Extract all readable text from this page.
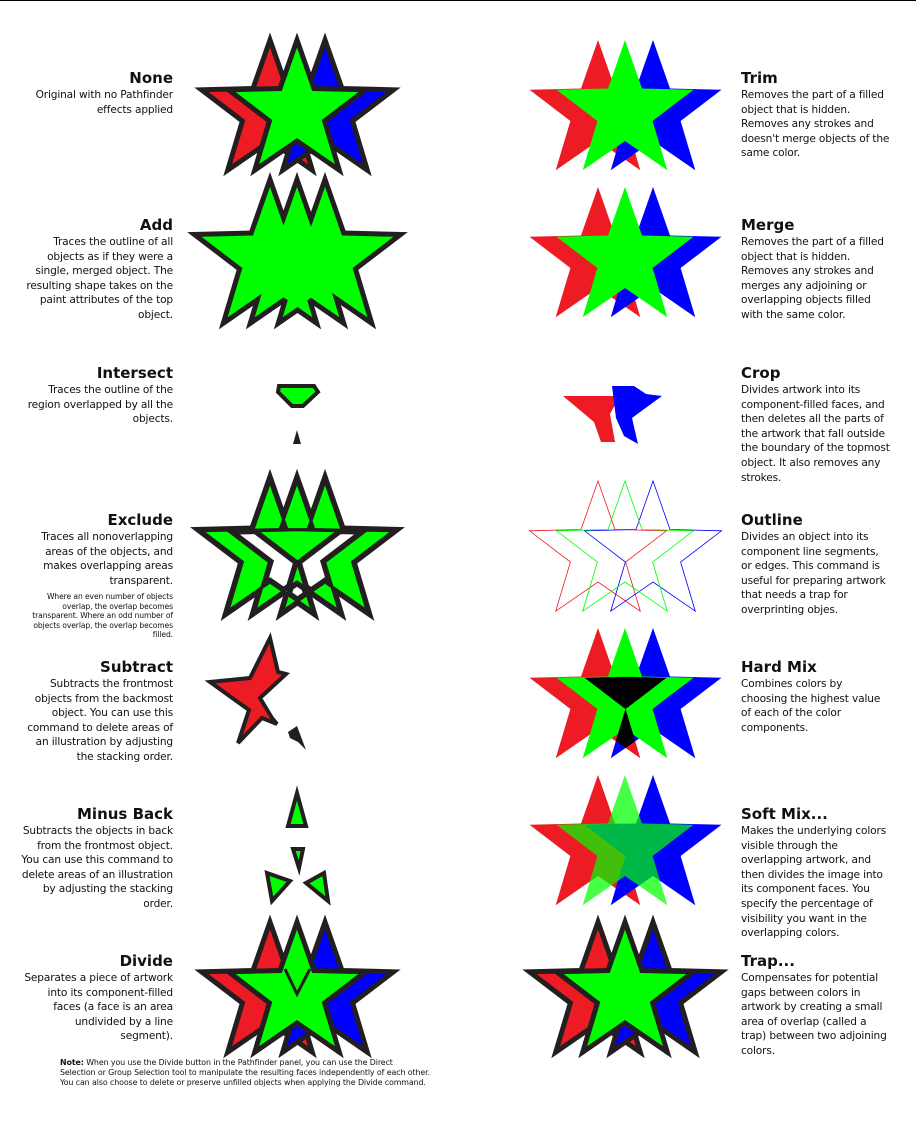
None
Original with no Pathfinder effects applied
Add
Traces the outline of all objects as if they were a single, merged object. The resulting shape takes on the paint attributes of the top object.
Intersect
Traces the outline of the region overlapped by all the objects.
Exclude
Traces all nonoverlapping areas of the objects, and makes overlapping areas transparent.
Where an even number of objects overlap, the overlap becomes transparent. Where an odd number of objects overlap, the overlap becomes filled.
Subtract
Subtracts the frontmost objects from the backmost object. You can use this command to delete areas of an illustration by adjusting the stacking order.
Minus Back
Subtracts the objects in back from the frontmost object. You can use this command to delete areas of an illustration by adjusting the stacking order.
Divide
Separates a piece of artwork into its component-filled faces (a face is an area undivided by a line segment).
Trim
Removes the part of a filled object that is hidden. Removes any strokes and doesn't merge objects of the same color.
Merge
Removes the part of a filled object that is hidden. Removes any strokes and merges any adjoining or overlapping objects filled with the same color.
Crop
Divides artwork into its component-filled faces, and then deletes all the parts of the artwork that fall outside the boundary of the topmost object. It also removes any strokes.
Outline
Divides an object into its component line segments, or edges. This command is useful for preparing artwork that needs a trap for overprinting objes.
Hard Mix
Combines colors by choosing the highest value of each of the color components.
Soft Mix...
Makes the underlying colors visible through the overlapping artwork, and then divides the image into its component faces. You specify the percentage of visibility you want in the overlapping colors.
Trap...
Compensates for potential gaps between colors in artwork by creating a small area of overlap (called a trap) between two adjoining colors.
Note: When you use the Divide button in the Pathfinder panel, you can use the Direct Selection or Group Selection tool to manipulate the resulting faces independently of each other. You can also choose to delete or preserve unfilled objects when applying the Divide command.
